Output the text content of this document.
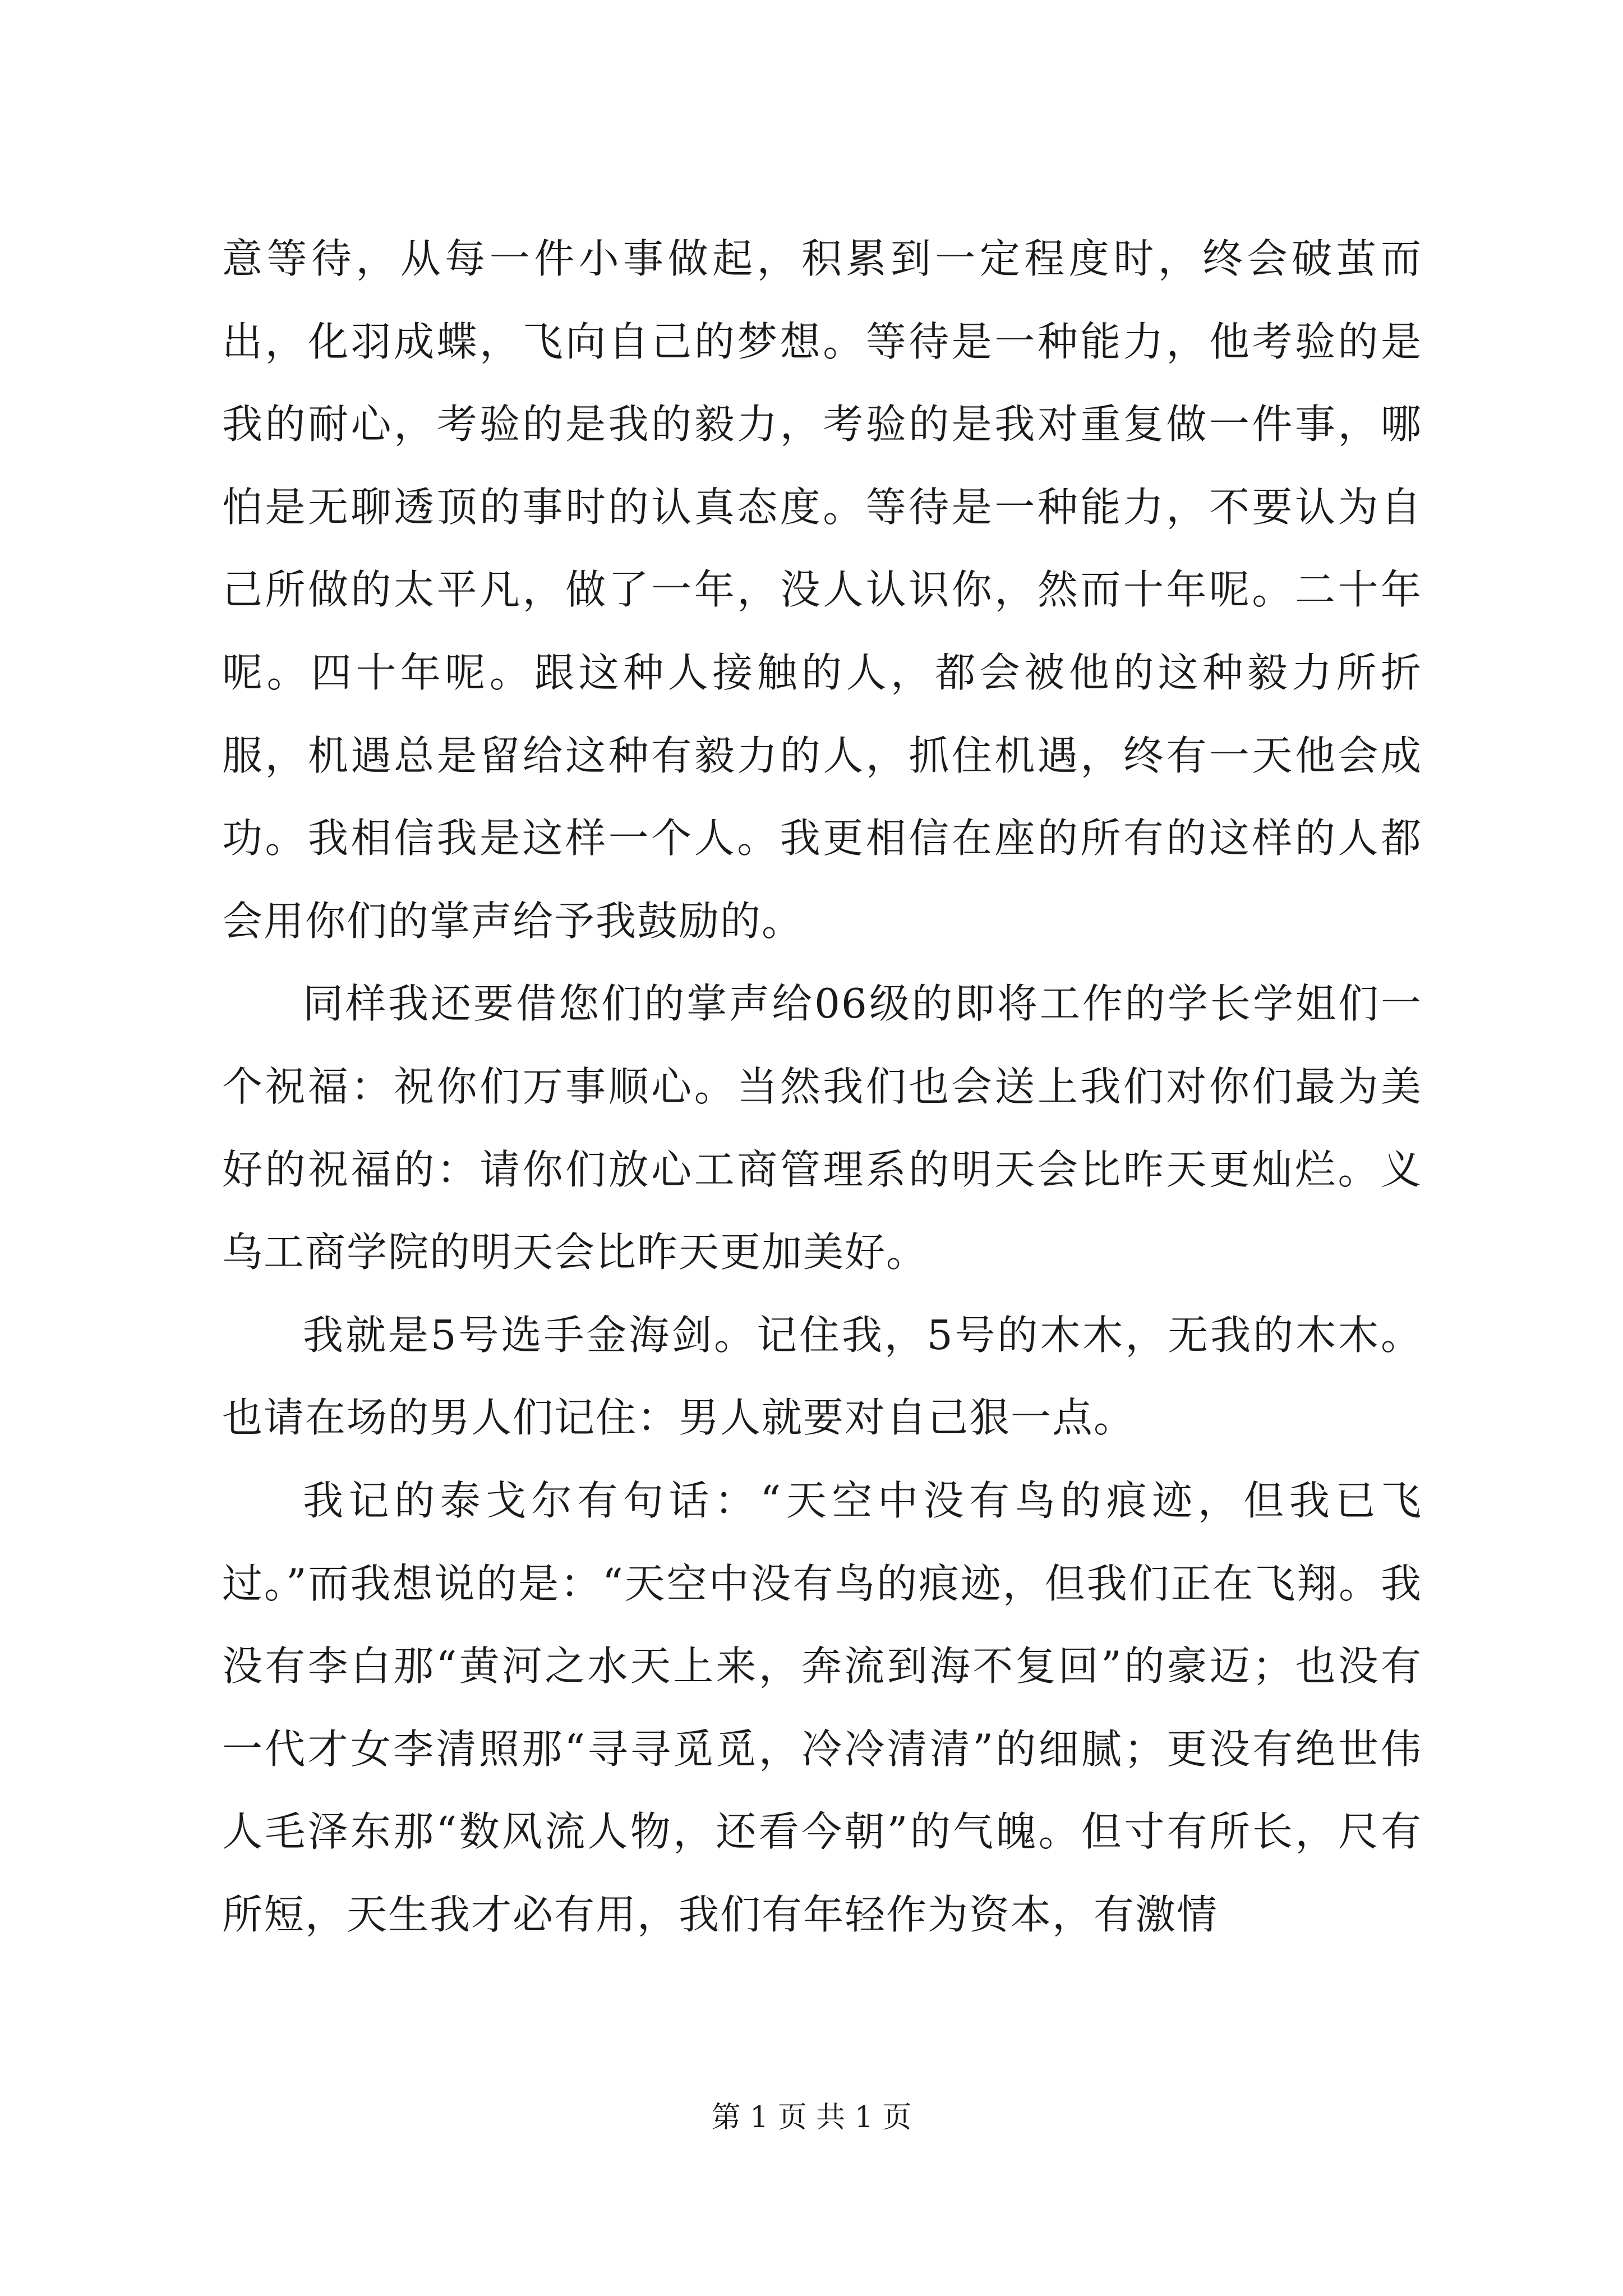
意等待，从每一件小事做起，积累到一定程度时，终会破茧而出，化羽成蝶，飞向自己的梦想。等待是一种能力，他考验的是我的耐心，考验的是我的毅力，考验的是我对重复做一件事，哪怕是无聊透顶的事时的认真态度。等待是一种能力，不要认为自己所做的太平凡，做了一年，没人认识你，然而十年呢。二十年呢。四十年呢。跟这种人接触的人，都会被他的这种毅力所折服，机遇总是留给这种有毅力的人，抓住机遇，终有一天他会成功。我相信我是这样一个人。我更相信在座的所有的这样的人都会用你们的掌声给予我鼓励的。

同样我还要借您们的掌声给06级的即将工作的学长学姐们一个祝福：祝你们万事顺心。当然我们也会送上我们对你们最为美好的祝福的：请你们放心工商管理系的明天会比昨天更灿烂。义乌工商学院的明天会比昨天更加美好。

我就是5号选手金海剑。记住我，5号的木木，无我的木木。也请在场的男人们记住：男人就要对自己狠一点。

我记的泰戈尔有句话：“天空中没有鸟的痕迹，但我已飞过。”而我想说的是：“天空中没有鸟的痕迹，但我们正在飞翔。我没有李白那“黄河之水天上来，奔流到海不复回”的豪迈；也没有一代才女李清照那“寻寻觅觅，冷冷清清”的细腻；更没有绝世伟人毛泽东那“数风流人物，还看今朝”的气魄。但寸有所长，尺有所短，天生我才必有用，我们有年轻作为资本，有激情

第 1 页 共 1 页
